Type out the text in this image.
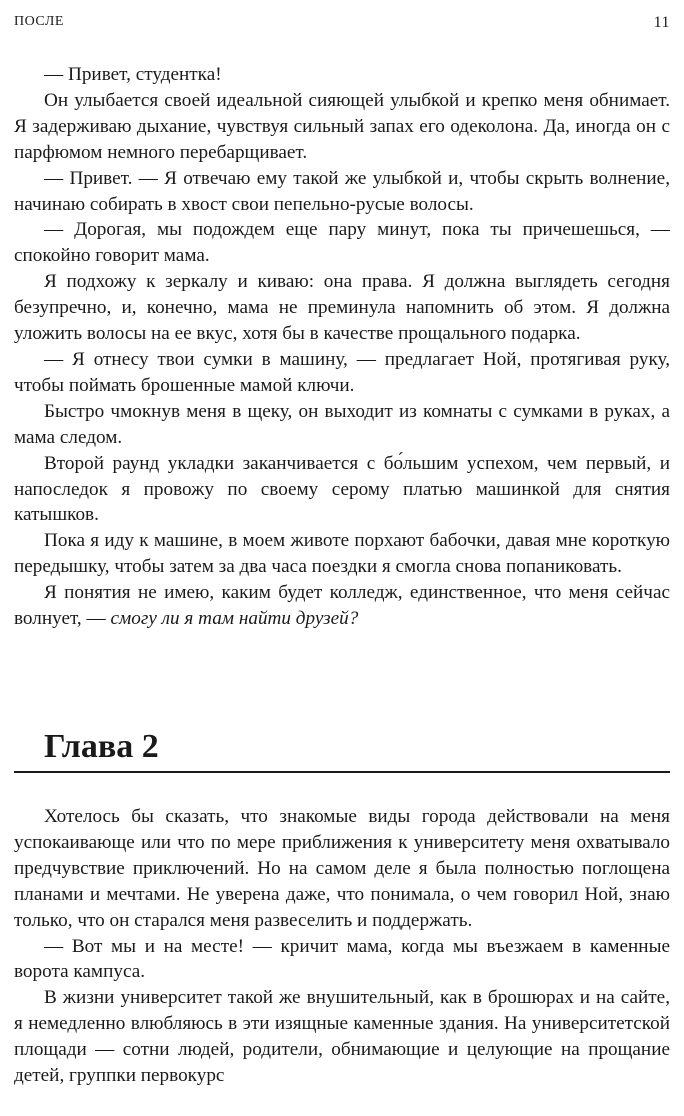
ПОСЛЕ	11

— Привет, студентка!

Он улыбается своей идеальной сияющей улыбкой и крепко меня обнимает. Я задерживаю дыхание, чувствуя сильный запах его одеколона. Да, иногда он с парфюмом немного перебарщивает.

— Привет. — Я отвечаю ему такой же улыбкой и, чтобы скрыть волнение, начинаю собирать в хвост свои пепельно-русые волосы.

— Дорогая, мы подождем еще пару минут, пока ты причешешься, — спокойно говорит мама.

Я подхожу к зеркалу и киваю: она права. Я должна выглядеть сегодня безупречно, и, конечно, мама не преминула напомнить об этом. Я должна уложить волосы на ее вкус, хотя бы в качестве прощального подарка.

— Я отнесу твои сумки в машину, — предлагает Ной, протягивая руку, чтобы поймать брошенные мамой ключи.

Быстро чмокнув меня в щеку, он выходит из комнаты с сумками в руках, а мама следом.

Второй раунд укладки заканчивается с бо́льшим успехом, чем первый, и напоследок я провожу по своему серому платью машинкой для снятия катышков.

Пока я иду к машине, в моем животе порхают бабочки, давая мне короткую передышку, чтобы затем за два часа поездки я смогла снова попаниковать.

Я понятия не имею, каким будет колледж, единственное, что меня сейчас волнует, — смогу ли я там найти друзей?

Глава 2

Хотелось бы сказать, что знакомые виды города действовали на меня успокаивающе или что по мере приближения к университету меня охватывало предчувствие приключений. Но на самом деле я была полностью поглощена планами и мечтами. Не уверена даже, что понимала, о чем говорил Ной, знаю только, что он старался меня развеселить и поддержать.

— Вот мы и на месте! — кричит мама, когда мы въезжаем в каменные ворота кампуса.

В жизни университет такой же внушительный, как в брошюрах и на сайте, я немедленно влюбляюсь в эти изящные каменные здания. На университетской площади — сотни людей, родители, обнимающие и целующие на прощание детей, группки первокурс
